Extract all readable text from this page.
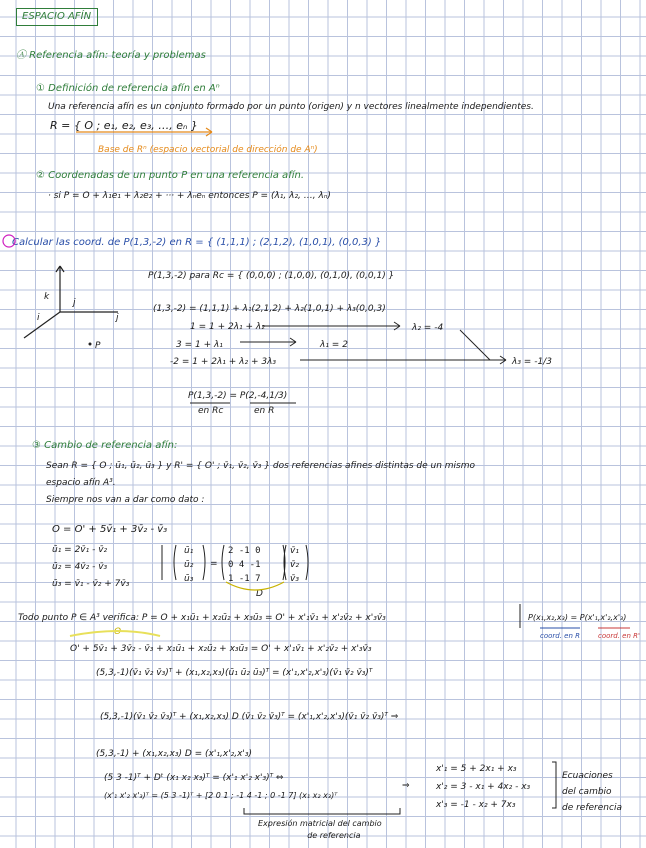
ESPACIO AFÍN
Ⓐ Referencia afín: teoría y problemas
① Definición de referencia afín en Aⁿ
Una referencia afín es un conjunto formado por un punto (origen) y n vectores linealmente independientes.
R = { O ; e₁, e₂, e₃, …, eₙ }
Base de Rⁿ (espacio vectorial de dirección de Aⁿ)
② Coordenadas de un punto P en una referencia afín.
· si P = O + λ₁e₁ + λ₂e₂ + ··· + λₙeₙ entonces P = (λ₁, λ₂, …, λₙ)
Calcular las coord. de P(1,3,-2) en R = { (1,1,1) ; (2,1,2), (1,0,1), (0,0,3) }
P(1,3,-2) para Rc = { (0,0,0) ; (1,0,0), (0,1,0), (0,0,1) }
(1,3,-2) = (1,1,1) + λ₁(2,1,2) + λ₂(1,0,1) + λ₃(0,0,3)
1 = 1 + 2λ₁ + λ₂
3 = 1 + λ₁
-2 = 1 + 2λ₁ + λ₂ + 3λ₃
λ₁ = 2
λ₂ = -4
λ₃ = -1/3
P(1,3,-2) = P(2,-4,1/3)
en Rc	en R
k
j
i	j
P
③ Cambio de referencia afín:
Sean R = { O ; ū₁, ū₂, ū₃ } y R' = { O' ; v̄₁, v̄₂, v̄₃ } dos referencias afines distintas de un mismo
espacio afín A³.
Siempre nos van a dar como dato :
O = O' + 5v̄₁ + 3v̄₂ - v̄₃
ū₁ = 2v̄₁ - v̄₂
ū₂ = 4v̄₂ - v̄₃
ū₃ = v̄₁ - v̄₂ + 7v̄₃
ū₁
ū₂
ū₃
=
2 -1 0
0 4 -1
1 -1 7
v̄₁
v̄₂
v̄₃
D
Todo punto P ∈ A³ verifica: P = O + x₁ū₁ + x₂ū₂ + x₃ū₃ = O' + x'₁v̄₁ + x'₂v̄₂ + x'₃v̄₃	P(x₁,x₂,x₃) = P(x'₁,x'₂,x'₃)
coord. en R	coord. en R'
O
O' + 5v̄₁ + 3v̄₂ - v̄₃ + x₁ū₁ + x₂ū₂ + x₃ū₃ = O' + x'₁v̄₁ + x'₂v̄₂ + x'₃v̄₃
(5,3,-1)(v̄₁ v̄₂ v̄₃)ᵀ + (x₁,x₂,x₃)(ū₁ ū₂ ū₃)ᵀ = (x'₁,x'₂,x'₃)(v̄₁ v̄₂ v̄₃)ᵀ
(5,3,-1)(v̄₁ v̄₂ v̄₃)ᵀ + (x₁,x₂,x₃) D (v̄₁ v̄₂ v̄₃)ᵀ = (x'₁,x'₂,x'₃)(v̄₁ v̄₂ v̄₃)ᵀ ⇒
(5,3,-1) + (x₁,x₂,x₃) D = (x'₁,x'₂,x'₃)
(5 3 -1)ᵀ + Dᵗ (x₁ x₂ x₃)ᵀ = (x'₁ x'₂ x'₃)ᵀ ⇔
(x'₁ x'₂ x'₃)ᵀ = (5 3 -1)ᵀ + [2 0 1 ; -1 4 -1 ; 0 -1 7] (x₁ x₂ x₃)ᵀ
⇒
x'₁ = 5 + 2x₁ + x₃
x'₂ = 3 - x₁ + 4x₂ - x₃
x'₃ = -1 - x₂ + 7x₃
Ecuaciones
del cambio
de referencia
Expresión matricial del cambio
de referencia
